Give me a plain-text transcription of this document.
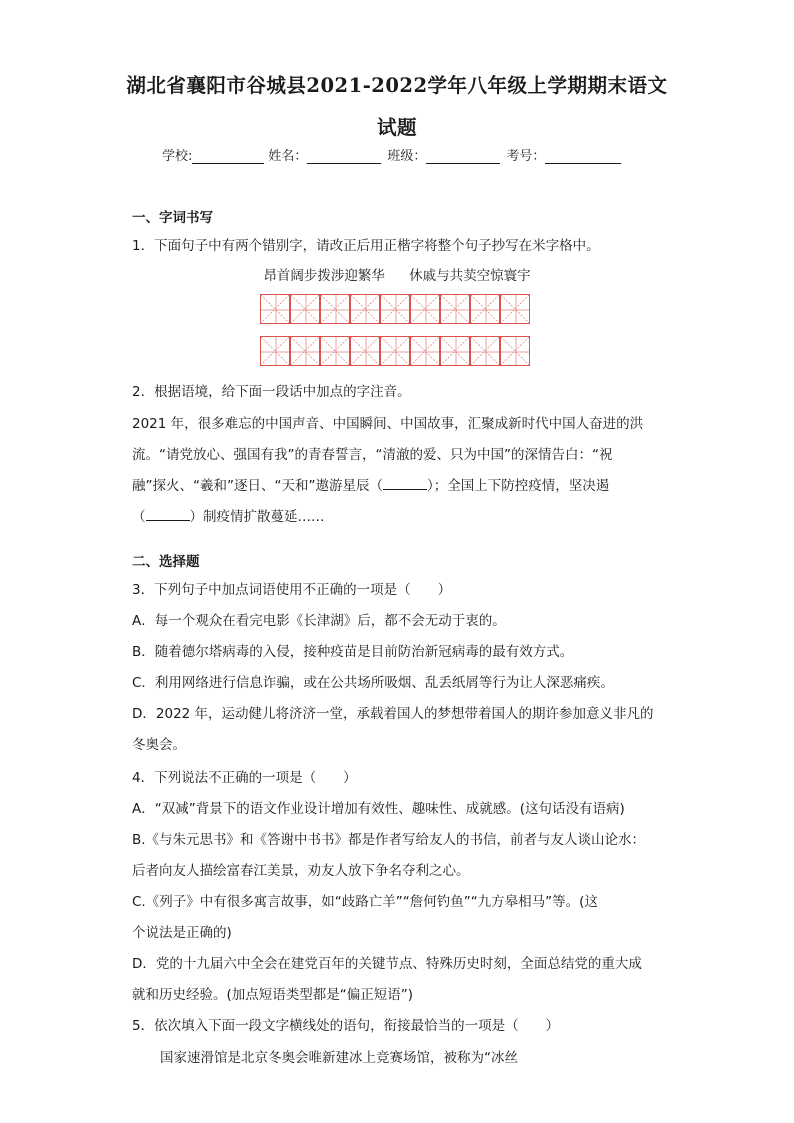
湖北省襄阳市谷城县2021-2022学年八年级上学期期末语文
试题
学校:	姓名：	班级：	考号：
一、字词书写
1．下面句子中有两个错别字，请改正后用正楷字将整个句子抄写在米字格中。
昂首阔步拨涉迎繁华 休戚与共荬空惊寰宇
2．根据语境，给下面一段话中加点的字注音。
2021 年，很多难忘的中国声音、中国瞬间、中国故事，汇聚成新时代中国人奋进的洪
流。“请党放心、强国有我”的青春誓言，“清澈的爱、只为中国”的深情告白：“祝
融”探火、“羲和”逐日、“天和”遨游星辰（	）；全国上下防控疫情，坚决遏
（	）制疫情扩散蔓延……
二、选择题
3．下列句子中加点词语使用不正确的一项是（　　）
A．每一个观众在看完电影《长津湖》后，都不会无动于衷的。
B．随着德尔塔病毒的入侵，接种疫苗是目前防治新冠病毒的最有效方式。
C．利用网络进行信息诈骗，或在公共场所吸烟、乱丢纸屑等行为让人深恶痛疾。
D．2022 年，运动健儿将济济一堂，承载着国人的梦想带着国人的期许参加意义非凡的
冬奥会。
4．下列说法不正确的一项是（　　）
A．“双减”背景下的语文作业设计增加有效性、趣味性、成就感。(这句话没有语病)
B.《与朱元思书》和《答谢中书书》都是作者写给友人的书信，前者与友人谈山论水：
后者向友人描绘富春江美景，劝友人放下争名夺利之心。
C.《列子》中有很多寓言故事，如“歧路亡羊”“詹何钓鱼”“九方皋相马”等。(这
个说法是正确的)
D．党的十九届六中全会在建党百年的关键节点、特殊历史时刻，全面总结党的重大成
就和历史经验。(加点短语类型都是“偏正短语”)
5．依次填入下面一段文字横线处的语句，衔接最恰当的一项是（　　）
国家速滑馆是北京冬奥会唯新建冰上竞赛场馆，被称为“冰丝
